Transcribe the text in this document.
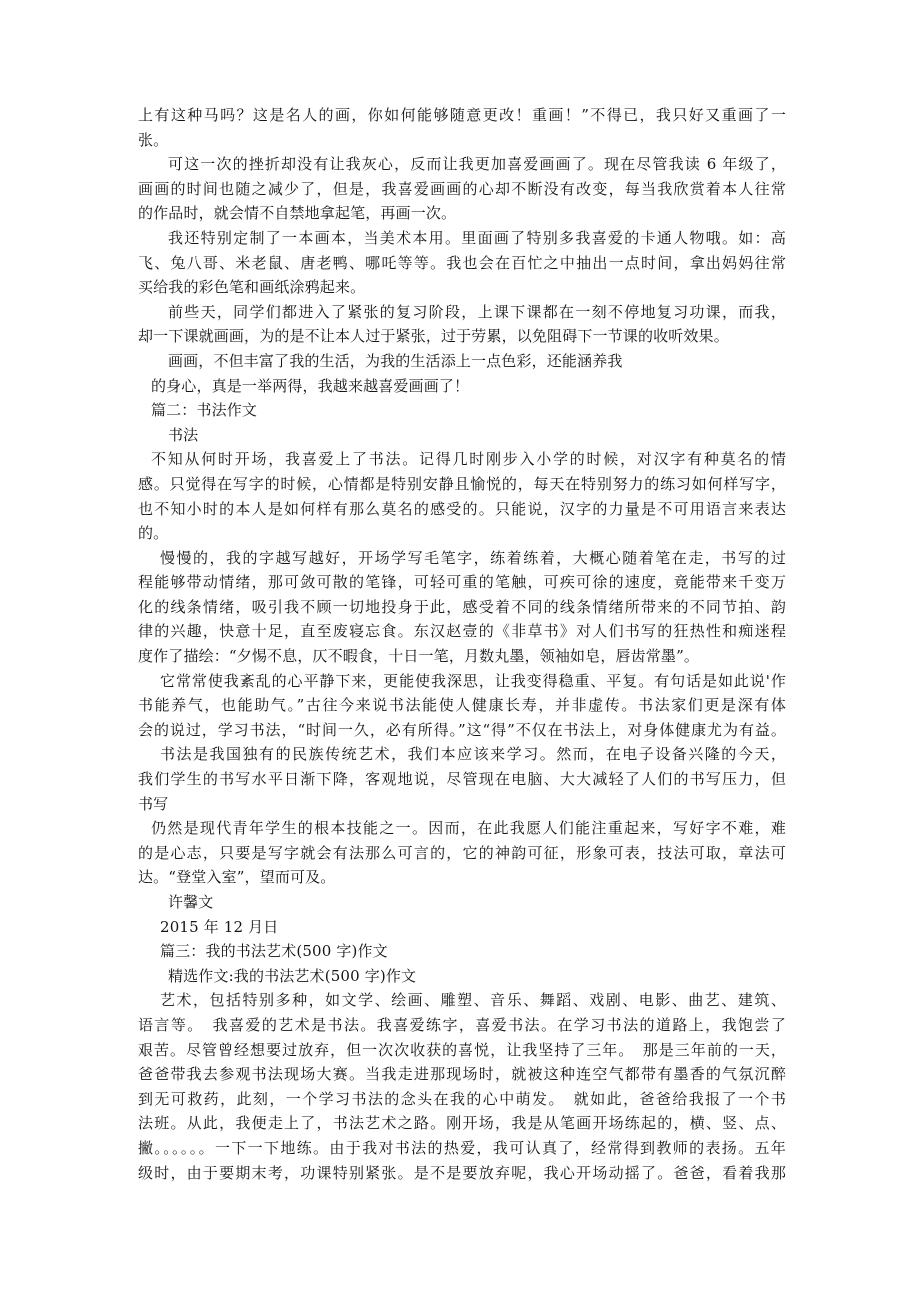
上有这种马吗？这是名人的画，你如何能够随意更改！重画！”不得已，我只好又重画了一
张。
可这一次的挫折却没有让我灰心，反而让我更加喜爱画画了。现在尽管我读 6 年级了，
画画的时间也随之减少了，但是，我喜爱画画的心却不断没有改变，每当我欣赏着本人往常
的作品时，就会情不自禁地拿起笔，再画一次。
我还特别定制了一本画本，当美术本用。里面画了特别多我喜爱的卡通人物哦。如：高
飞、兔八哥、米老鼠、唐老鸭、哪吒等等。我也会在百忙之中抽出一点时间，拿出妈妈往常
买给我的彩色笔和画纸涂鸦起来。
前些天，同学们都进入了紧张的复习阶段，上课下课都在一刻不停地复习功课，而我，
却一下课就画画，为的是不让本人过于紧张，过于劳累，以免阻碍下一节课的收听效果。
画画，不但丰富了我的生活，为我的生活添上一点色彩，还能涵养我
的身心，真是一举两得，我越来越喜爱画画了！
篇二：书法作文
书法
不知从何时开场，我喜爱上了书法。记得几时刚步入小学的时候，对汉字有种莫名的情
感。只觉得在写字的时候，心情都是特别安静且愉悦的，每天在特别努力的练习如何样写字，
也不知小时的本人是如何样有那么莫名的感受的。只能说，汉字的力量是不可用语言来表达
的。
慢慢的，我的字越写越好，开场学写毛笔字，练着练着，大概心随着笔在走，书写的过
程能够带动情绪，那可敛可散的笔锋，可轻可重的笔触，可疾可徐的速度，竟能带来千变万
化的线条情绪，吸引我不顾一切地投身于此，感受着不同的线条情绪所带来的不同节拍、韵
律的兴趣，快意十足，直至废寝忘食。东汉赵壹的《非草书》对人们书写的狂热性和痴迷程
度作了描绘：“夕惕不息，仄不暇食，十日一笔，月数丸墨，领袖如皂，唇齿常墨”。
它常常使我紊乱的心平静下来，更能使我深思，让我变得稳重、平复。有句话是如此说'作
书能养气，也能助气。”古往今来说书法能使人健康长寿，并非虚传。书法家们更是深有体
会的说过，学习书法，“时间一久，必有所得。”这“得”不仅在书法上，对身体健康尤为有益。
书法是我国独有的民族传统艺术，我们本应该来学习。然而，在电子设备兴隆的今天，
我们学生的书写水平日渐下降，客观地说，尽管现在电脑、大大减轻了人们的书写压力，但
书写
仍然是现代青年学生的根本技能之一。因而，在此我愿人们能注重起来，写好字不难，难
的是心志，只要是写字就会有法那么可言的，它的神韵可征，形象可表，技法可取，章法可
达。“登堂入室”，望而可及。
许馨文
2015 年 12 月日
篇三：我的书法艺术(500 字)作文
精选作文:我的书法艺术(500 字)作文
艺术，包括特别多种，如文学、绘画、雕塑、音乐、舞蹈、戏剧、电影、曲艺、建筑、
语言等。　我喜爱的艺术是书法。我喜爱练字，喜爱书法。在学习书法的道路上，我饱尝了
艰苦。尽管曾经想要过放弃，但一次次收获的喜悦，让我坚持了三年。　那是三年前的一天，
爸爸带我去参观书法现场大赛。当我走进那现场时，就被这种连空气都带有墨香的气氛沉醉
到无可救药，此刻，一个学习书法的念头在我的心中萌发。　就如此，爸爸给我报了一个书
法班。从此，我便走上了，书法艺术之路。刚开场，我是从笔画开场练起的，横、竖、点、
撇。。。。。。一下一下地练。由于我对书法的热爱，我可认真了，经常得到教师的表扬。五年
级时，由于要期末考，功课特别紧张。是不是要放弃呢，我心开场动摇了。爸爸，看着我那
